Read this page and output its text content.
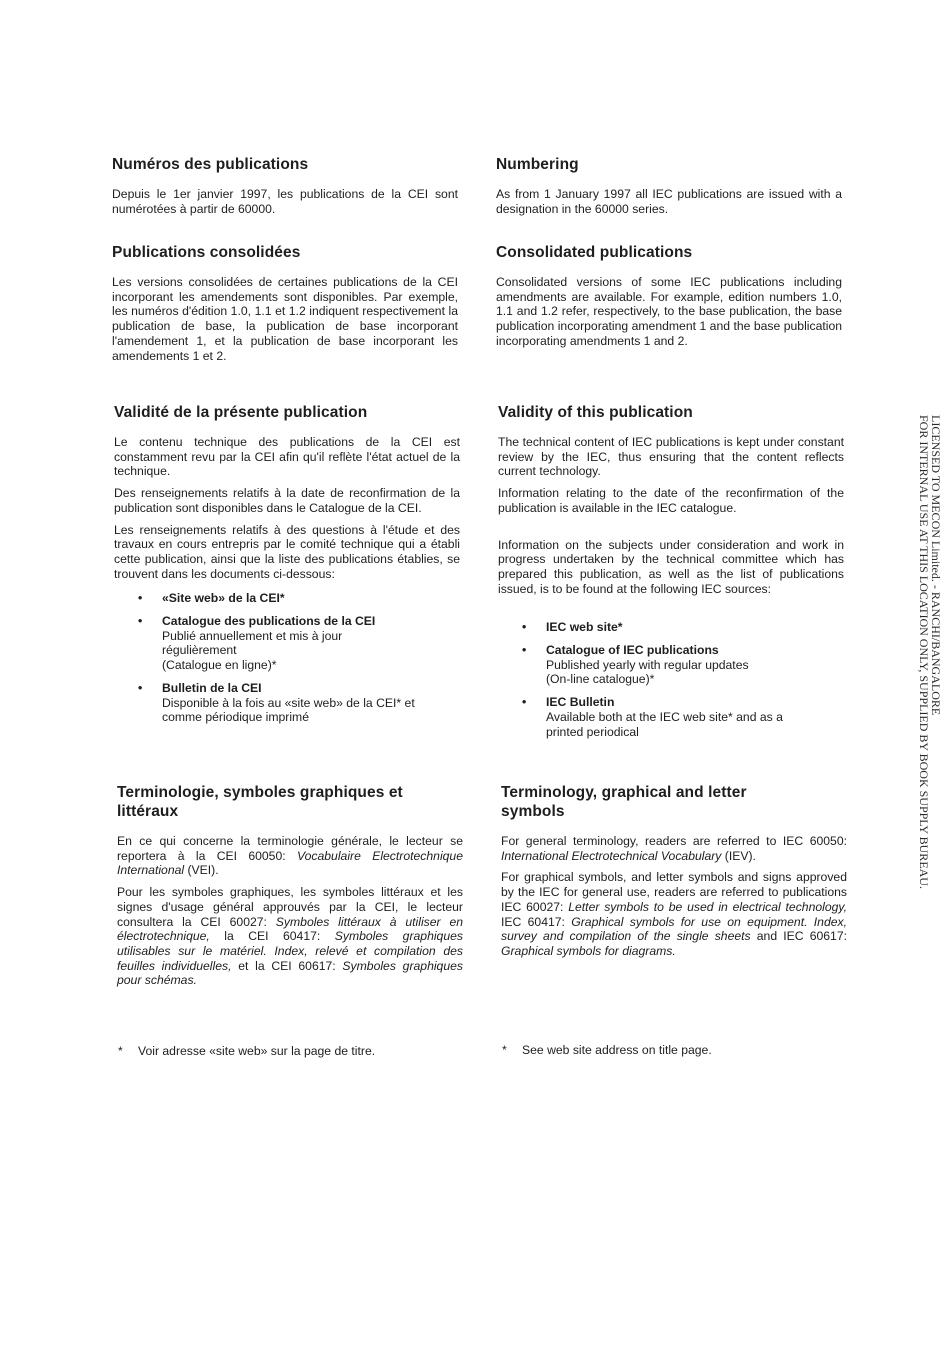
Numéros des publications

Depuis le 1er janvier 1997, les publications de la CEI sont numérotées à partir de 60000.

Publications consolidées

Les versions consolidées de certaines publications de la CEI incorporant les amendements sont disponibles. Par exemple, les numéros d'édition 1.0, 1.1 et 1.2 indiquent respectivement la publication de base, la publication de base incorporant l'amendement 1, et la publication de base incorporant les amendements 1 et 2.

Validité de la présente publication

Le contenu technique des publications de la CEI est constamment revu par la CEI afin qu'il reflète l'état actuel de la technique.

Des renseignements relatifs à la date de reconfirmation de la publication sont disponibles dans le Catalogue de la CEI.

Les renseignements relatifs à des questions à l'étude et des travaux en cours entrepris par le comité technique qui a établi cette publication, ainsi que la liste des publications établies, se trouvent dans les documents ci-dessous:

• «Site web» de la CEI*
• Catalogue des publications de la CEI
Publié annuellement et mis à jour régulièrement
(Catalogue en ligne)*
• Bulletin de la CEI
Disponible à la fois au «site web» de la CEI* et comme périodique imprimé
Terminologie, symboles graphiques et littéraux

En ce qui concerne la terminologie générale, le lecteur se reportera à la CEI 60050: Vocabulaire Electrotechnique International (VEI).

Pour les symboles graphiques, les symboles littéraux et les signes d'usage général approuvés par la CEI, le lecteur consultera la CEI 60027: Symboles littéraux à utiliser en électrotechnique, la CEI 60417: Symboles graphiques utilisables sur le matériel. Index, relevé et compilation des feuilles individuelles, et la CEI 60617: Symboles graphiques pour schémas.

Numbering

As from 1 January 1997 all IEC publications are issued with a designation in the 60000 series.

Consolidated publications

Consolidated versions of some IEC publications including amendments are available. For example, edition numbers 1.0, 1.1 and 1.2 refer, respectively, to the base publication, the base publication incorporating amendment 1 and the base publication incorporating amendments 1 and 2.

Validity of this publication

The technical content of IEC publications is kept under constant review by the IEC, thus ensuring that the content reflects current technology.

Information relating to the date of the reconfirmation of the publication is available in the IEC catalogue.

Information on the subjects under consideration and work in progress undertaken by the technical committee which has prepared this publication, as well as the list of publications issued, is to be found at the following IEC sources:

• IEC web site*
• Catalogue of IEC publications
Published yearly with regular updates
(On-line catalogue)*
• IEC Bulletin
Available both at the IEC web site* and as a printed periodical
Terminology, graphical and letter symbols

For general terminology, readers are referred to IEC 60050: International Electrotechnical Vocabulary (IEV).

For graphical symbols, and letter symbols and signs approved by the IEC for general use, readers are referred to publications IEC 60027: Letter symbols to be used in electrical technology, IEC 60417: Graphical symbols for use on equipment. Index, survey and compilation of the single sheets and IEC 60617: Graphical symbols for diagrams.

* Voir adresse «site web» sur la page de titre.	* See web site address on title page.
LICENSED TO MECON Limited. - RANCHI/BANGALORE
FOR INTERNAL USE AT THIS LOCATION ONLY, SUPPLIED BY BOOK SUPPLY BUREAU.
